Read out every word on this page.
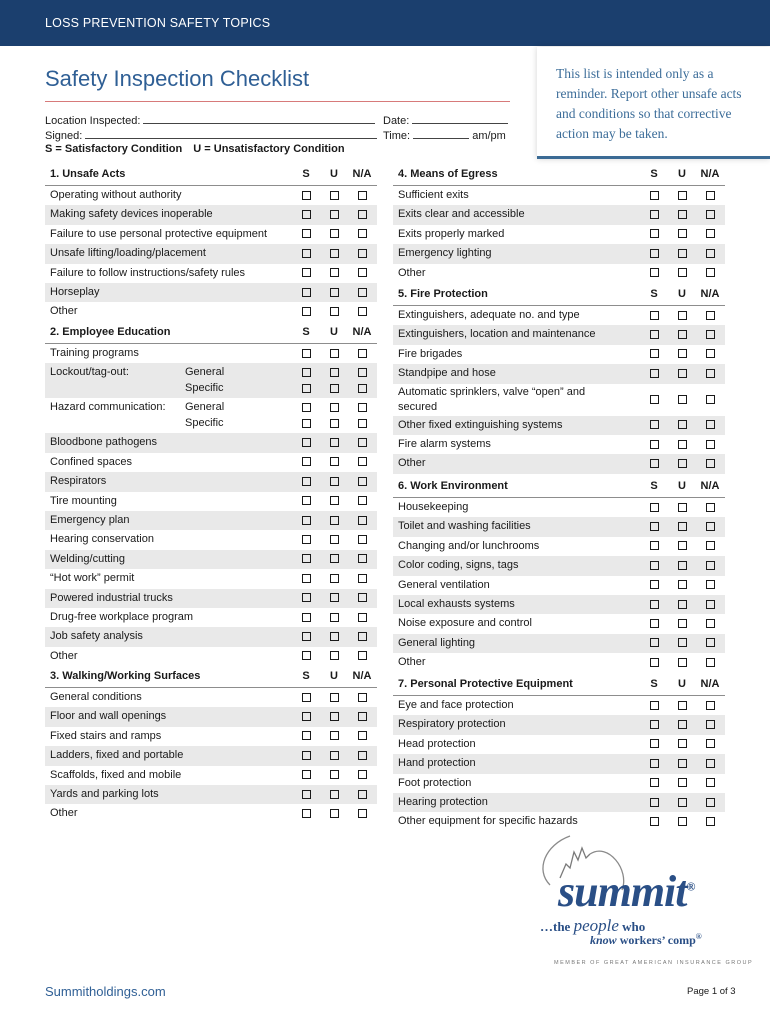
LOSS PREVENTION SAFETY TOPICS
Safety Inspection Checklist	This list is intended only as a reminder. Report other unsafe acts and conditions so that corrective action may be taken.
Location Inspected:	Date:
Signed:	Time:	am/pm
S = Satisfactory Condition U = Unsatisfactory Condition
1. Unsafe Acts	S	U	N/A
Operating without authority
Making safety devices inoperable
Failure to use personal protective equipment
Unsafe lifting/loading/placement
Failure to follow instructions/safety rules
Horseplay
Other
2. Employee Education	S	U	N/A
Training programs
Lockout/tag-out:	General
Specific
Hazard communication: General
Specific
Bloodbone pathogens
Confined spaces
Respirators
Tire mounting
Emergency plan
Hearing conservation
Welding/cutting
“Hot work” permit
Powered industrial trucks
Drug-free workplace program
Job safety analysis
Other
3. Walking/Working Surfaces	S	U	N/A
General conditions
Floor and wall openings
Fixed stairs and ramps
Ladders, fixed and portable
Scaffolds, fixed and mobile
Yards and parking lots
Other
4. Means of Egress	S	U	N/A
Sufficient exits
Exits clear and accessible
Exits properly marked
Emergency lighting
Other
5. Fire Protection	S	U	N/A
Extinguishers, adequate no. and type
Extinguishers, location and maintenance
Fire brigades
Standpipe and hose
Automatic sprinklers, valve “open” and secured
Other fixed extinguishing systems
Fire alarm systems
Other
6. Work Environment	S	U	N/A
Housekeeping
Toilet and washing facilities
Changing and/or lunchrooms
Color coding, signs, tags
General ventilation
Local exhausts systems
Noise exposure and control
General lighting
Other
7. Personal Protective Equipment	S	U	N/A
Eye and face protection
Respiratory protection
Head protection
Hand protection
Foot protection
Hearing protection
Other equipment for specific hazards
summit®
…the people who
know workers’ comp®
MEMBER OF GREAT AMERICAN INSURANCE GROUP
Summitholdings.com	Page 1 of 3
